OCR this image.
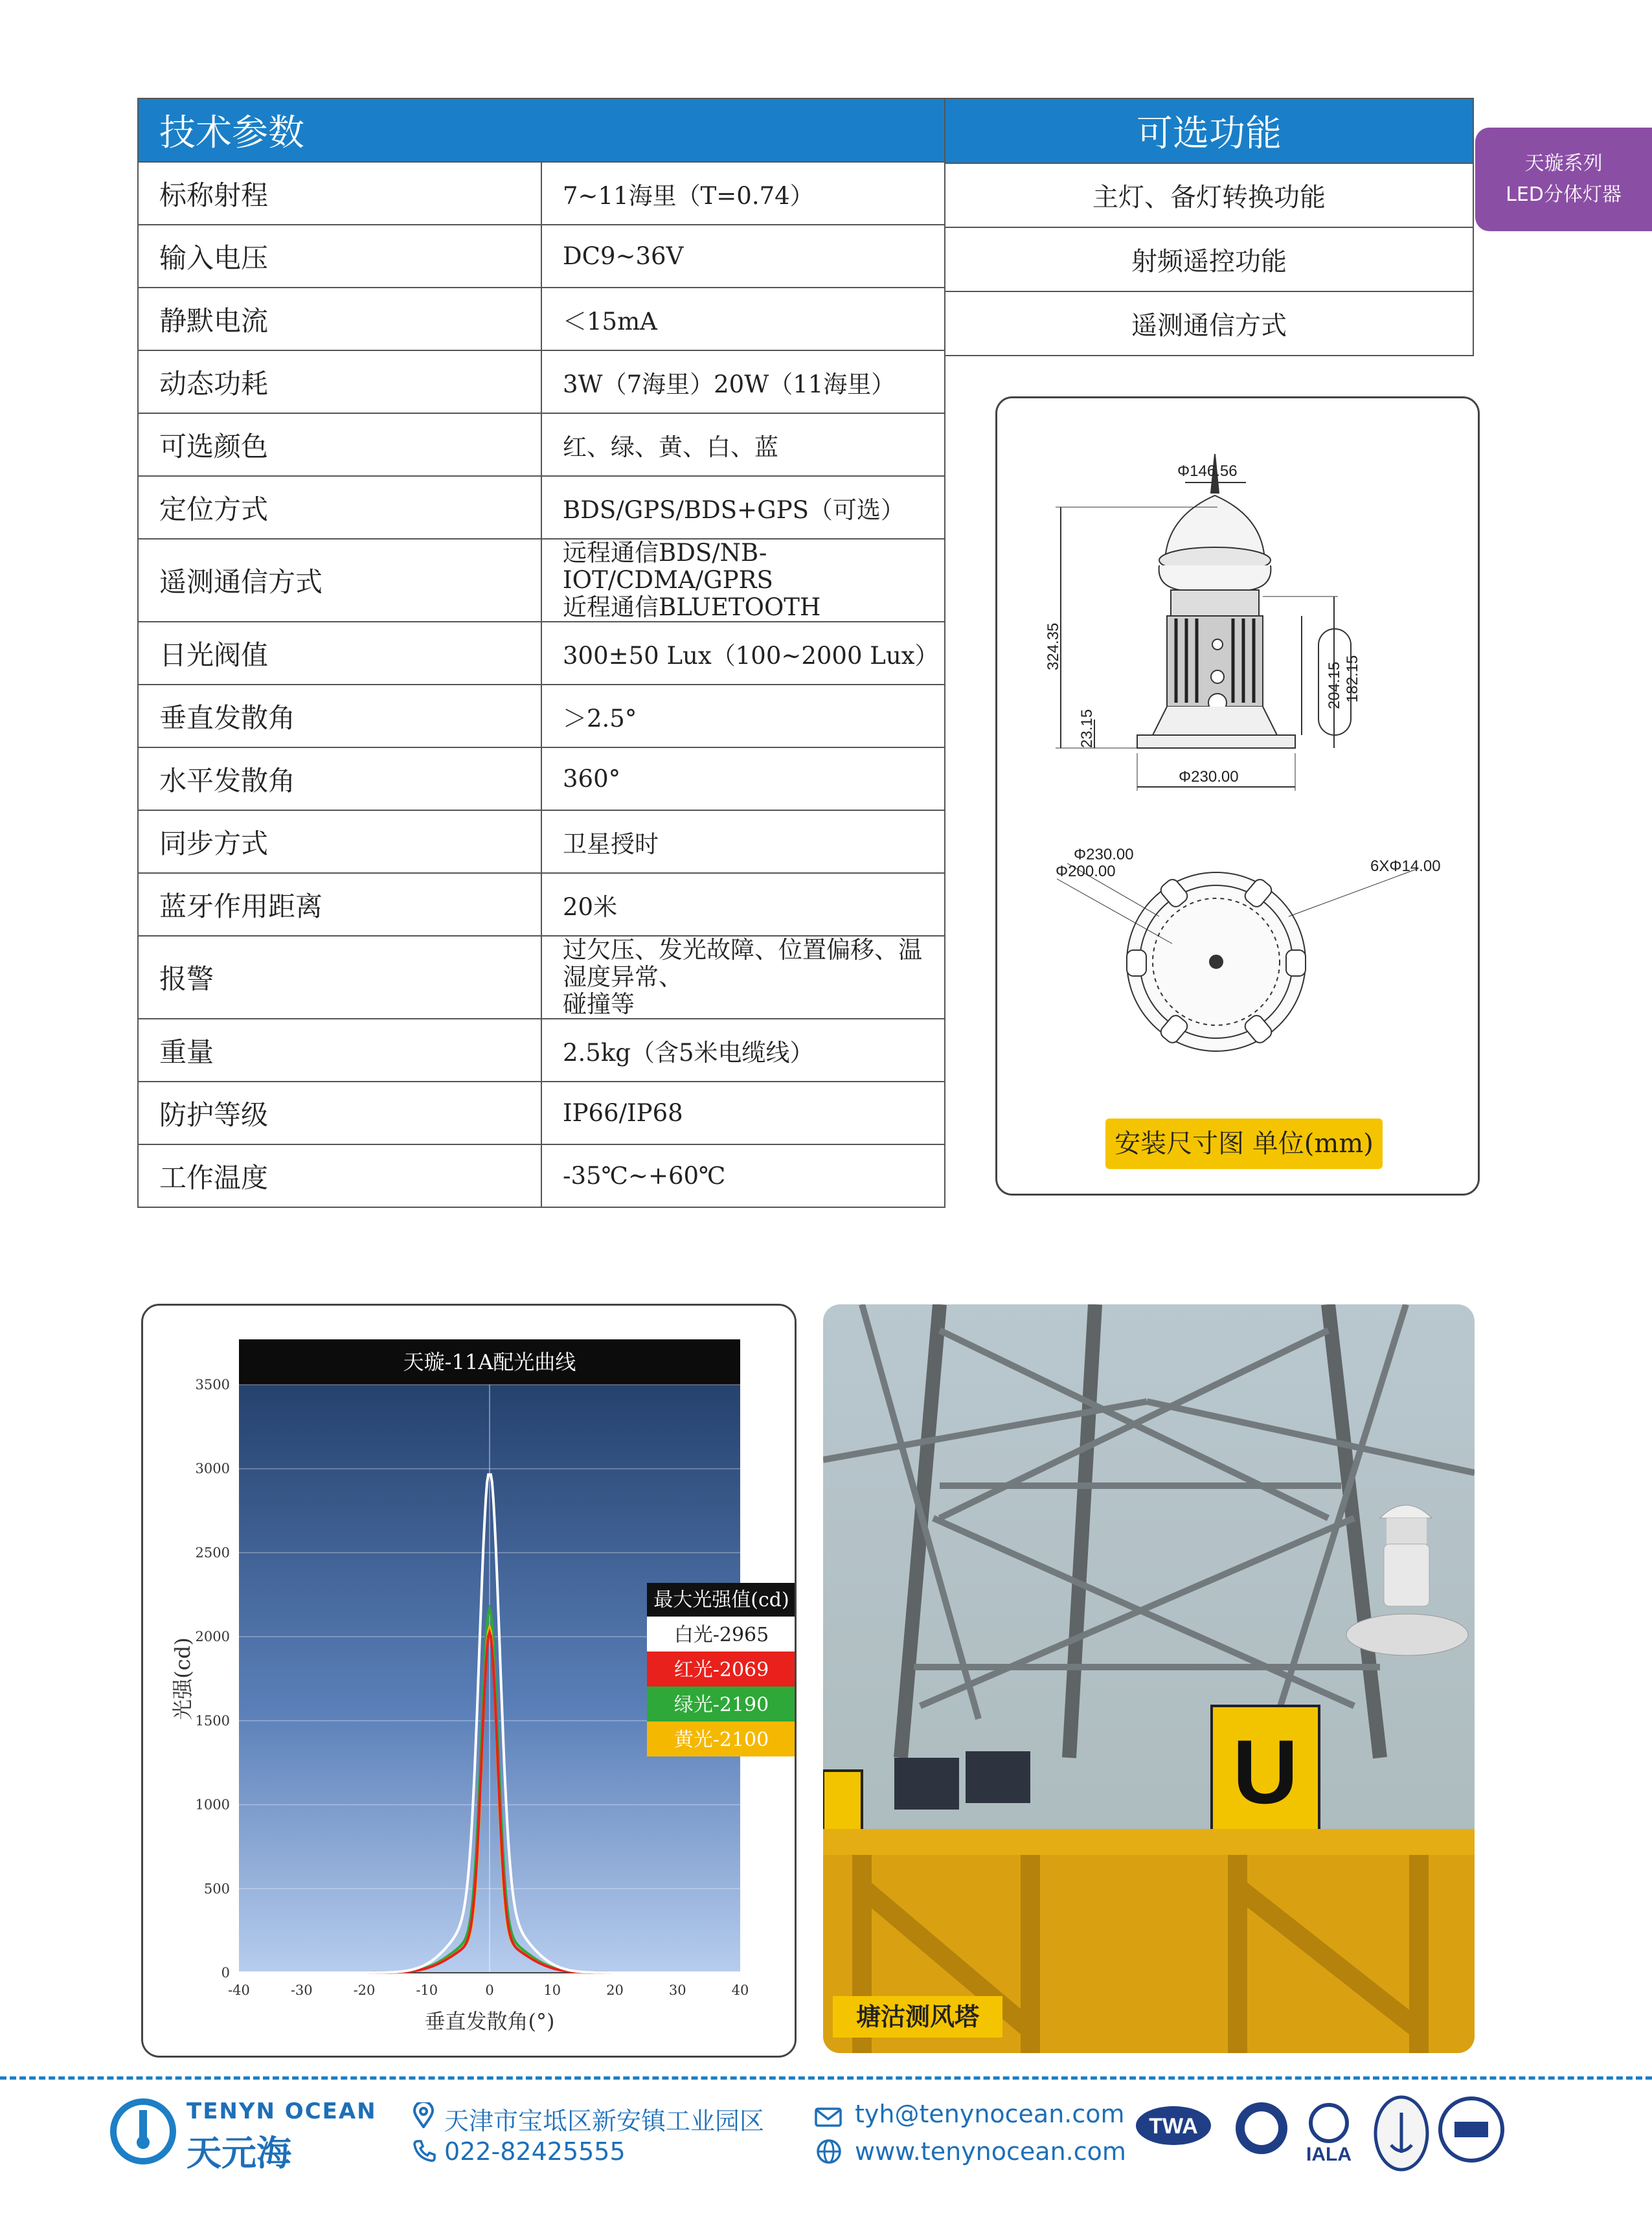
天璇系列
LED分体灯器
技术参数	
标称射程	7~11海里（T=0.74）
输入电压	DC9~36V
静默电流	＜15mA
动态功耗	3W（7海里）20W（11海里）
可选颜色	红、绿、黄、白、蓝
定位方式	BDS/GPS/BDS+GPS（可选）
遥测通信方式	远程通信BDS/NB-IOT/CDMA/GPRS
近程通信BLUETOOTH

日光阀值	300±50 Lux（100~2000 Lux）
垂直发散角	＞2.5°
水平发散角	360°
同步方式	卫星授时
蓝牙作用距离	20米
报警	过欠压、发光故障、位置偏移、温湿度异常、
碰撞等

重量	2.5kg（含5米电缆线）
防护等级	IP66/IP68
工作温度	-35℃~+60℃
可选功能
主灯、备灯转换功能
射频遥控功能
遥测通信方式
Φ146.56
324.35
23.15
182.15
204.15
Φ230.00
Φ230.00
Φ200.00	6XΦ14.00
安装尺寸图 单位(mm)
天璇-11A配光曲线
0
500
1000
1500
2000
2500
3000
3500
-40	-30	-20	-10	0	10	20	30	40
垂直发散角(°)
光强(cd)
最大光强值(cd)
白光-2965
红光-2069
绿光-2190
黄光-2100	U
塘沽测风塔
TENYN OCEAN
天元海
天津市宝坻区新安镇工业园区
022-82425555
tyh@tenynocean.com
www.tenynocean.com
TWA
IALA
